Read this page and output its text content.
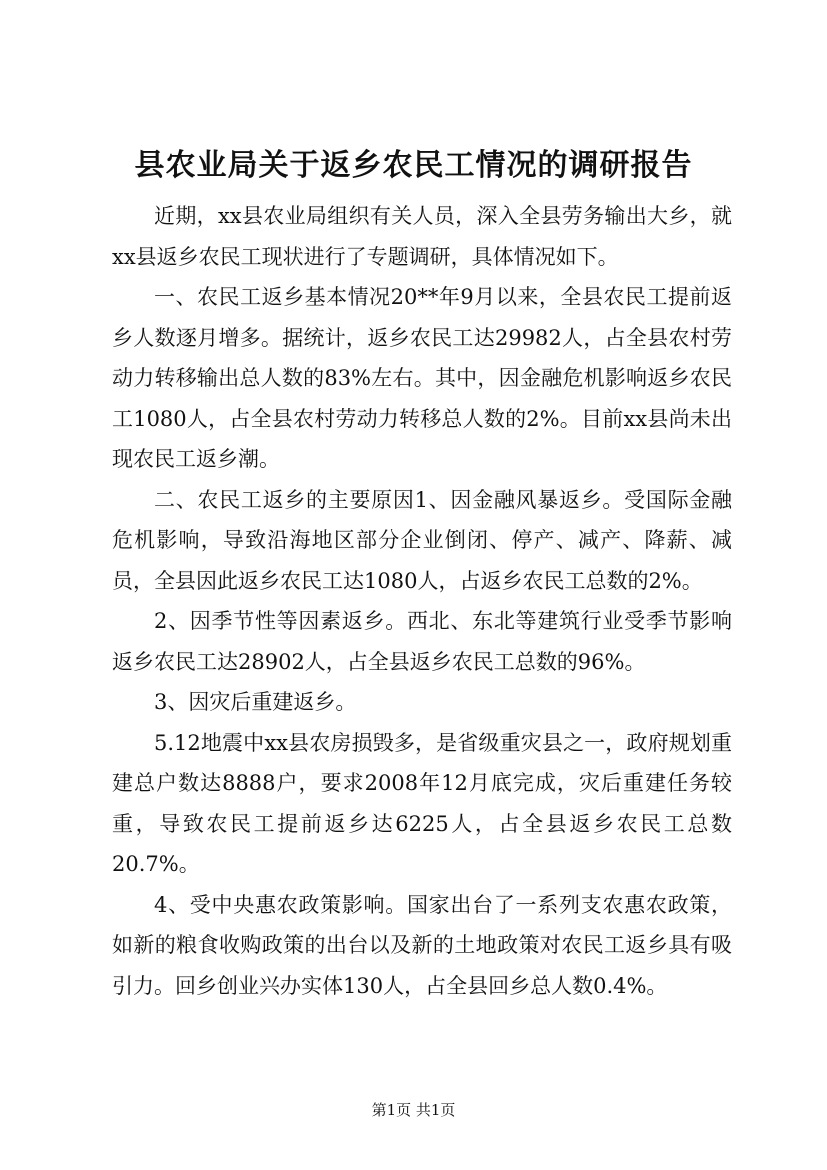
县农业局关于返乡农民工情况的调研报告

近期，xx县农业局组织有关人员，深入全县劳务输出大乡，就xx县返乡农民工现状进行了专题调研，具体情况如下。

一、农民工返乡基本情况20**年9月以来，全县农民工提前返乡人数逐月增多。据统计，返乡农民工达29982人，占全县农村劳动力转移输出总人数的83%左右。其中，因金融危机影响返乡农民工1080人，占全县农村劳动力转移总人数的2%。目前xx县尚未出现农民工返乡潮。

二、农民工返乡的主要原因1、因金融风暴返乡。受国际金融危机影响，导致沿海地区部分企业倒闭、停产、减产、降薪、减员，全县因此返乡农民工达1080人，占返乡农民工总数的2%。

2、因季节性等因素返乡。西北、东北等建筑行业受季节影响返乡农民工达28902人，占全县返乡农民工总数的96%。

3、因灾后重建返乡。

5.12地震中xx县农房损毁多，是省级重灾县之一，政府规划重建总户数达8888户，要求2008年12月底完成，灾后重建任务较重，导致农民工提前返乡达6225人，占全县返乡农民工总数20.7%。

4、受中央惠农政策影响。国家出台了一系列支农惠农政策，如新的粮食收购政策的出台以及新的土地政策对农民工返乡具有吸引力。回乡创业兴办实体130人，占全县回乡总人数0.4%。

第1页 共1页
